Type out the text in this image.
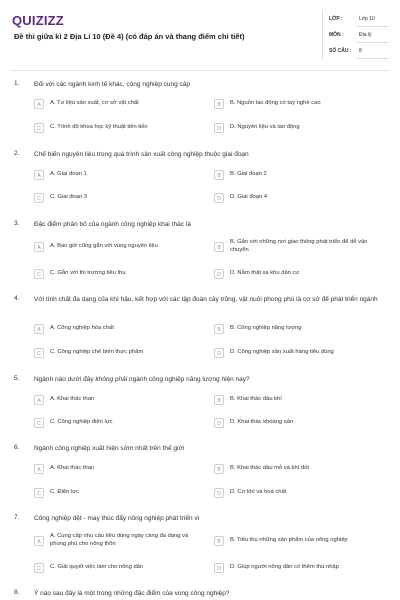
QUIZIZZ
Đề thi giữa kì 2 Địa Lí 10 (Đề 4) (có đáp án và thang điểm chi tiết)
LỚP :	Lớp 10
MÔN :	Địa lý
SỐ CÂU : 8
1. Đối với các ngành kinh tế khác, công nghiệp cung cấp
A	A. Tư liệu sản xuất, cơ sở vật chất	B	B. Nguồn lao động có tay nghề cao
C	C. Trình độ khoa học kỹ thuật tiên tiến	D	D. Nguyên liệu và lao động
2. Chế biến nguyên liệu trong quá trình sản xuất công nghiệp thuộc giai đoạn
A	A. Giai đoạn 1	B	B. Giai đoạn 2
C	C. Giai đoạn 3	D	D. Giai đoạn 4
3. Đặc điểm phân bố của ngành công nghiệp khai thác là
A	A. Bao giờ cũng gắn với vùng nguyên liệu	B
B. Gắn với những nơi giao thông phát triển để dễ vận chuyển
C	C. Gắn với thị trường tiêu thụ	D	D. Nằm thật xa khu dân cư
4. Với tính chất đa dạng của khí hậu, kết hợp với các tập đoàn cây trồng, vật nuôi phong phú là cơ sở để phát triển ngành
A	A. Công nghiệp hóa chất	B	B. Công nghiệp năng lượng
C	C. Công nghiệp chế biến thực phẩm	D	D. Công nghiệp sản xuất hàng tiêu dùng
5. Ngành nào dưới đây không phải ngành công nghiệp năng lượng hiện nay?
A	A. Khai thác than	B	B. Khai thác dầu khí
C	C. Công nghiệp điện lực	D	D. Khai thác khoáng sản
6. Ngành công nghiệp xuất hiện sớm nhất trên thế giới
A	A. Khai thác than	B	B. Khai thác dầu mỏ và khí đốt
C	C. Điện lực	D	D. Cơ khí và hoá chất
7. Công nghiệp dệt - may thúc đẩy nông nghiệp phát triển vì
A
A. Cung cấp nhu cầu tiêu dùng ngày càng đa dạng và phong phú cho nông thôn	B	B. Tiêu thụ những sản phẩm của nông nghiệp
C	C. Giải quyết việc làm cho nông dân	D	D. Giúp người nông dân có thêm thu nhập
8. Ý nào sau đây là một trong những đặc điểm của vùng công nghiệp?
